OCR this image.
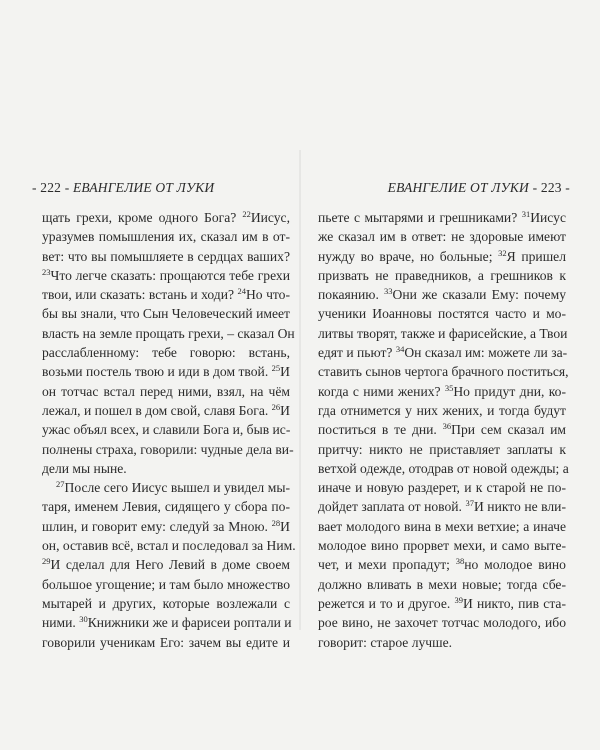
- 222 - ЕВАНГЕЛИЕ ОТ ЛУКИ	ЕВАНГЕЛИЕ ОТ ЛУКИ - 223 -
щать грехи, кроме одного Бога? $^{22}$Иисус,
уразумев помышления их, сказал им в от-
вет: что вы помышляете в сердцах ваших?
$^{23}$Что легче сказать: прощаются тебе грехи
твои, или сказать: встань и ходи? $^{24}$Но что-
бы вы знали, что Сын Человеческий имеет
власть на земле прощать грехи, – сказал Он
расслабленному: тебе говорю: встань,
возьми постель твою и иди в дом твой. $^{25}$И
он тотчас встал перед ними, взял, на чём
лежал, и пошел в дом свой, славя Бога. $^{26}$И
ужас объял всех, и славили Бога и, быв ис-
полнены страха, говорили: чудные дела ви-
дели мы ныне.
$^{27}$После сего Иисус вышел и увидел мы-
таря, именем Левия, сидящего у сбора по-
шлин, и говорит ему: следуй за Мною. $^{28}$И
он, оставив всё, встал и последовал за Ним.
$^{29}$И сделал для Него Левий в доме своем
большое угощение; и там было множество
мытарей и других, которые возлежали с
ними. $^{30}$Книжники же и фарисеи роптали и
говорили ученикам Его: зачем вы едите и
пьете с мытарями и грешниками? $^{31}$Иисус
же сказал им в ответ: не здоровые имеют
нужду во враче, но больные; $^{32}$Я пришел
призвать не праведников, а грешников к
покаянию. $^{33}$Они же сказали Ему: почему
ученики Иоанновы постятся часто и мо-
литвы творят, также и фарисейские, а Твои
едят и пьют? $^{34}$Он сказал им: можете ли за-
ставить сынов чертога брачного поститься,
когда с ними жених? $^{35}$Но придут дни, ко-
гда отнимется у них жених, и тогда будут
поститься в те дни. $^{36}$При сем сказал им
притчу: никто не приставляет заплаты к
ветхой одежде, отодрав от новой одежды; а
иначе и новую раздерет, и к старой не по-
дойдет заплата от новой. $^{37}$И никто не вли-
вает молодого вина в мехи ветхие; а иначе
молодое вино прорвет мехи, и само выте-
чет, и мехи пропадут; $^{38}$но молодое вино
должно вливать в мехи новые; тогда сбе-
режется и то и другое. $^{39}$И никто, пив ста-
рое вино, не захочет тотчас молодого, ибо
говорит: старое лучше.
